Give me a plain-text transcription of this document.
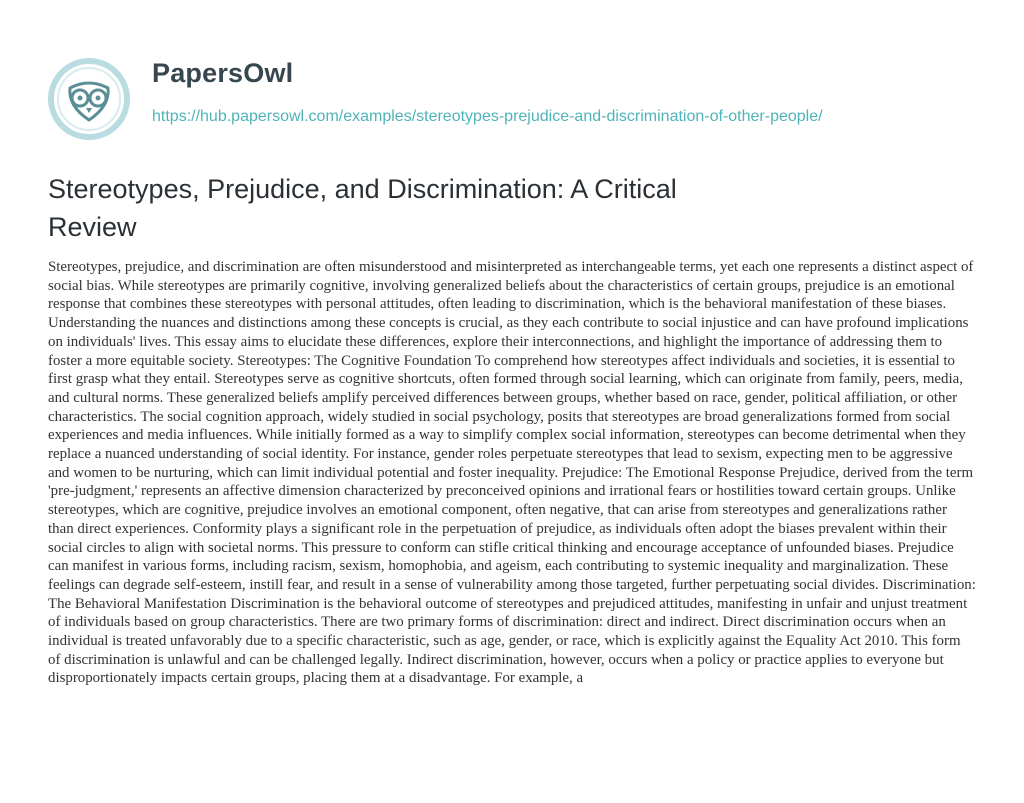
PapersOwl
https://hub.papersowl.com/examples/stereotypes-prejudice-and-discrimination-of-other-people/
Stereotypes, Prejudice, and Discrimination: A Critical Review

Stereotypes, prejudice, and discrimination are often misunderstood and misinterpreted as interchangeable terms, yet each one represents a distinct aspect of social bias. While stereotypes are primarily cognitive, involving generalized beliefs about the characteristics of certain groups, prejudice is an emotional response that combines these stereotypes with personal attitudes, often leading to discrimination, which is the behavioral manifestation of these biases. Understanding the nuances and distinctions among these concepts is crucial, as they each contribute to social injustice and can have profound implications on individuals' lives. This essay aims to elucidate these differences, explore their interconnections, and highlight the importance of addressing them to foster a more equitable society. Stereotypes: The Cognitive Foundation To comprehend how stereotypes affect individuals and societies, it is essential to first grasp what they entail. Stereotypes serve as cognitive shortcuts, often formed through social learning, which can originate from family, peers, media, and cultural norms. These generalized beliefs amplify perceived differences between groups, whether based on race, gender, political affiliation, or other characteristics. The social cognition approach, widely studied in social psychology, posits that stereotypes are broad generalizations formed from social experiences and media influences. While initially formed as a way to simplify complex social information, stereotypes can become detrimental when they replace a nuanced understanding of social identity. For instance, gender roles perpetuate stereotypes that lead to sexism, expecting men to be aggressive and women to be nurturing, which can limit individual potential and foster inequality. Prejudice: The Emotional Response Prejudice, derived from the term 'pre-judgment,' represents an affective dimension characterized by preconceived opinions and irrational fears or hostilities toward certain groups. Unlike stereotypes, which are cognitive, prejudice involves an emotional component, often negative, that can arise from stereotypes and generalizations rather than direct experiences. Conformity plays a significant role in the perpetuation of prejudice, as individuals often adopt the biases prevalent within their social circles to align with societal norms. This pressure to conform can stifle critical thinking and encourage acceptance of unfounded biases. Prejudice can manifest in various forms, including racism, sexism, homophobia, and ageism, each contributing to systemic inequality and marginalization. These feelings can degrade self-esteem, instill fear, and result in a sense of vulnerability among those targeted, further perpetuating social divides. Discrimination: The Behavioral Manifestation Discrimination is the behavioral outcome of stereotypes and prejudiced attitudes, manifesting in unfair and unjust treatment of individuals based on group characteristics. There are two primary forms of discrimination: direct and indirect. Direct discrimination occurs when an individual is treated unfavorably due to a specific characteristic, such as age, gender, or race, which is explicitly against the Equality Act 2010. This form of discrimination is unlawful and can be challenged legally. Indirect discrimination, however, occurs when a policy or practice applies to everyone but disproportionately impacts certain groups, placing them at a disadvantage. For example, a
